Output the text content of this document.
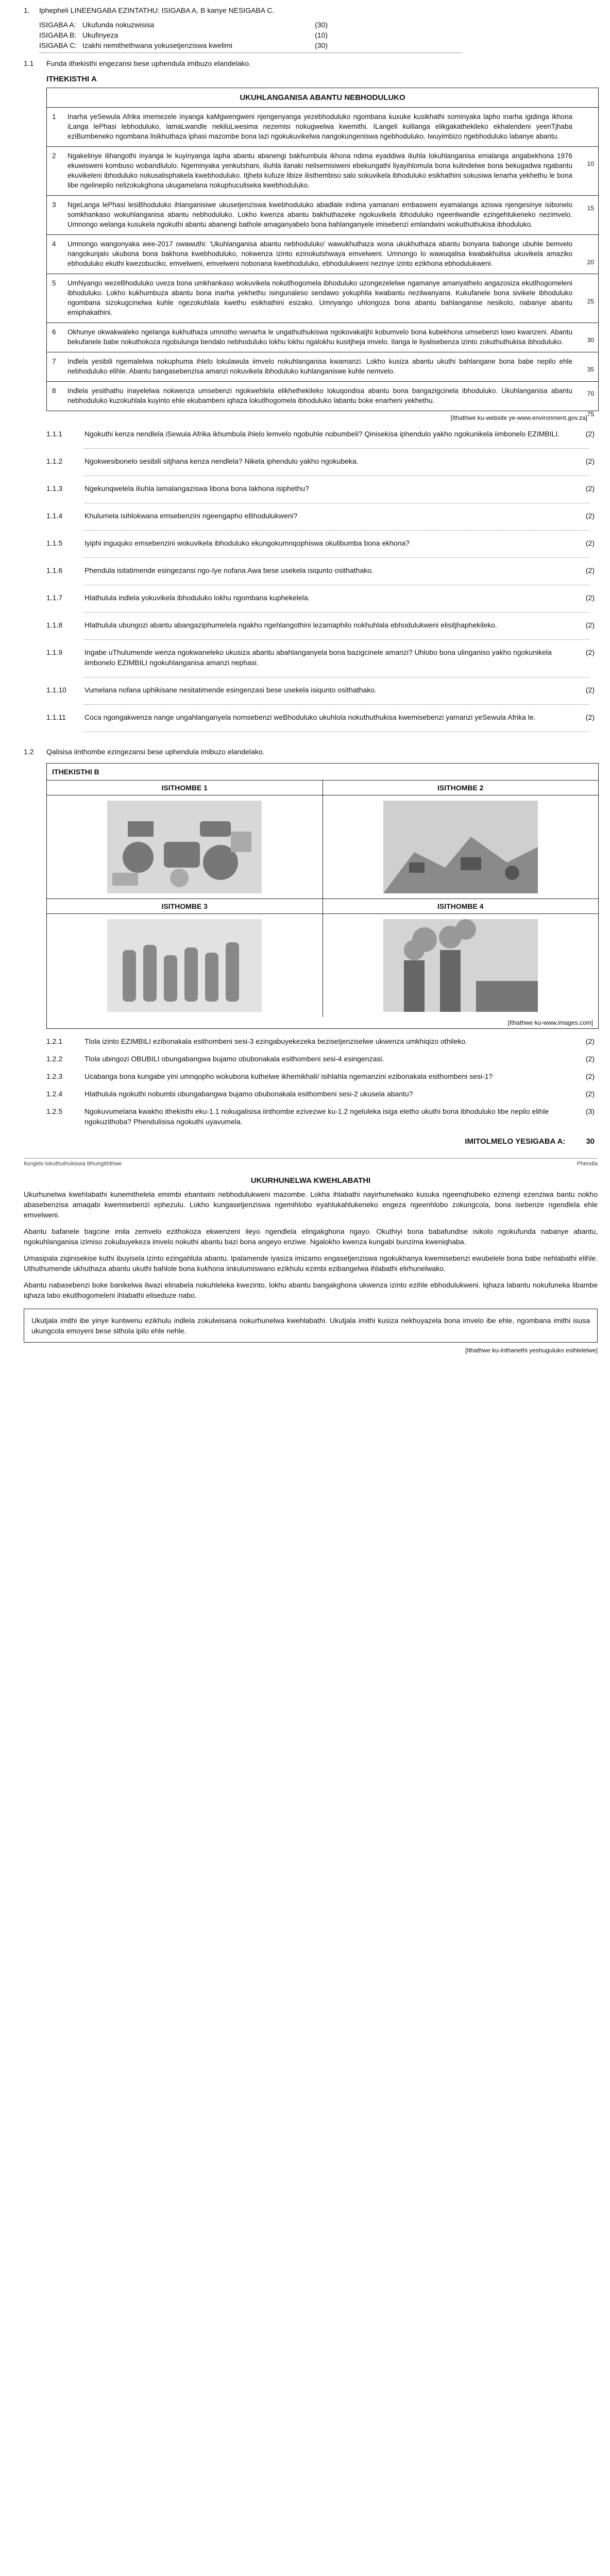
1.	Iphepheli LINEENGABA EZINTATHU: ISIGABA A, B kanye NESIGABA C.
ISIGABA A: Ukufunda nokuzwisisa	(30)
ISIGABA B: Ukufinyeza	(10)
ISIGABA C: Izakhi nemithethwana yokusetjenziswa kwelimi	(30)
1.1	Funda ithekisthi engezansi bese uphendula imibuzo elandelako.
ITHEKISTHI A
UKUHLANGANISA ABANTU NEBHODULUKO
1	Inarha yeSewula Afrika imemezele inyanga kaMgwengweni njengenyanga yezebhoduluko ngombana kuxuke kusikhathi sominyaka lapho inarha igidinga ikhona iLanga lePhasi lebhoduluko, lamaLwandle nekiluLwesima nezemisi nokugwelwa kwemithi. ILangeli kulilanga elikgakathekileko ekhalendeni yeenTjhaba eziBumbeneko ngombana lisikhuthaza iphasi mazombe bona lazi ngokukuvikelwa nangokungeniswa ngebhoduluko. Iwuyimbizo ngebhoduluko labanye abantu.
2	Ngakelinye ilihangothi inyanga le kuyinyanga lapha abantu abanengi bakhumbula ikhona ndima eyaddiwa iliuhla lokuhlanganisa emalanga angabekhona 1976 ekuwisweni kombuso wobandlululo. Ngeminyaka yenkutshani, iliuhla ilanaki nelisemisiweni ebekungathi liyayihlomula bona kulindelwe bona bekugadwa ngabantu ekuvikeleni ibhoduluko nokusalisphakela kwebhoduluko. Itjhebi kufuze libize ilisthembiso salo sokuvikela ibhoduluko esikhathini sokusiwa lenarha yekhethu le bona libe ngelinepilo nelizokukghona ukugamelana nokuphuculiseka kwebhoduluko.
10
15
3	NgeLanga lePhasi lesiBhoduluko ihlanganisiwe ukusetjenziswa kwebhoduluko abadlale indima yamanani embasweni eyamalanga aziswa njengesinye isibonelo somkhankaso wokuhlanganisa abantu nebhoduluko. Lokho kwenza abantu bakhuthazeke ngokuvikela ibhoduluko ngeenlwandle ezingehlukeneko nezimvelo. Umnongo welanga kusukela ngokuthi abantu abanengi bathole amaganyabelo bona bahlanganyele imisebenzi emlandwini wokuthuthukisa ibhoduluko.
4	Umnongo wangonyaka wee-2017 owawuthi: 'Ukuhlanganisa abantu nebhoduluko' wawukhuthaza wona ukukhuthaza abantu bonyana babonge ubuhle bemvelo nangokunjalo ukubona bona bakhona kwebhoduluko, nokwenza izinto ezinokutshwaya emvelweni. Umnongo lo wawuqalisa kwabakhulisa ukuvikela amaziko ebhoduluko ekuthi kwezobuciko, emvelweni, emvelweni nobonana kwebhoduluko, ebhodulukweni nezinye izinto ezikhona ebhodulukweni.	20
5	UmNyango wezeBhoduluko uveza bona umkhankaso wokuvikela nokutlhogomela ibhoduluko uzongezelelwe ngamanye amanyathelo angazosiza ekutlhogomeleni ibhoduluko. Lokho kukhumbuza abantu bona inarha yekhethu isingunaleso sendawo yokuphila kwabantu nezilwanyana. Kukufanele bona sivikele ibhoduluko ngombana sizokugcinelwa kuhle ngezokuhlala kwethu esikhathini esizako. Umnyango uhlongoza bona abantu bahlanganise nesikolo, nabanye abantu emiphakathini.
25
6	Okhunye okwakwaleko ngelanga kukhuthaza umnotho wenarha le ungathuthukiswa ngokovakatjhi kobumvelo bona kubekhona umsebenzi lowo kwanzeni. Abantu bekufanele babe nokuthokoza ngobulunga bendalo nebhoduluko lokhu lokhu ngalokhu kusitjheja imvelo. Ilanga le liyalisebenza izinto zokuthuthukisa ibhoduluko.	30
7	Indlela yesibili ngemalelwa nokuphuma ihlelo lokulawula iimvelo nokuhlanganisa kwamanzi. Lokho kusiza abantu ukuthi bahlangane bona babe nepilo ehle nebhoduluko elihle. Abantu bangasebenzisa amanzi nokuvikela ibhoduluko kuhlanganiswe kuhle nemvelo.	35
8	Indlela yesithathu inayelelwa nokwenza umsebenzi ngokwehlela elikhethekileko lokuqondisa abantu bona bangazigcinela ibhoduluko. Ukuhlanganisa abantu nebhoduluko kuzokuhlala kuyinto ehle ekubambeni iqhaza lokutlhogomela ibhoduluko labantu boke enarheni yekhethu.
70
75
[Ithathwe ku-website ye-www.environment.gov.za]
1.1.1	Ngokuthi kenza nendlela iSewula Afrika ikhumbula ihlelo lemvelo ngobuhle nobumbeli? Qinisekisa iphendulo yakho ngokunikela iimbonelo EZIMBILI.	(2)
1.1.2	Ngokwesibonelo sesibili sitjhana kenza nendlela? Nikela iphendulo yakho ngokubeka.	(2)
1.1.3	Ngekunqwelela iliuhla lamalangaziswa libona bona lakhona isiphethu?	(2)
1.1.4	Khulumela isihlokwana emsebenzini ngeengapho eBhodulukweni?	(2)
1.1.5	Iyiphi inguquko emsebenzini wokuvikela ibhoduluko ekungokumnqophiswa okulibumba bona ekhona?	(2)
1.1.6	Phendula isitatimende esingezansi ngo-Iye nofana Awa bese usekela isiqunto osithathako.	(2)
1.1.7	Hlathulula indlela yokuvikela ibhoduluko lokhu ngombana kuphekelela.	(2)
1.1.8	Hlathulula ubungozi abantu abangaziphumelela ngakho ngehlangothini lezamaphilo nokhuhlala ebhodulukweni elisitjhaphekileko.	(2)
1.1.9	Ingabe uThulumende wenza ngokwaneleko ukusiza abantu abahlanganyela bona bazigcinele amanzi? Uhlobo bona ulinganiso yakho ngokunikela iimbonelo EZIMBILI ngokuhlanganisa amanzi nephasi.
(2)
1.1.10	Vumelana nofana uphikisane nesitatimende esingenzasi bese usekela isiqunto osithathako.	(2)
1.1.11	Coca ngongakwenza nange ungahlanganyela nomsebenzi weBhoduluko ukuhlola nokuthuthukisa kwemisebenzi yamanzi yeSewula Afrika le.	(2)
1.2	Qalisisa iinthombe ezingezansi bese uphendula imibuzo elandelako.
ITHEKISTHI B
ISITHOMBE 1	ISITHOMBE 2
ISITHOMBE 3	ISITHOMBE 4
[Ithathwe ku-www.images.com]
1.2.1	Tlola izinto EZIMBILI ezibonakala esithombeni sesi-3 ezingabuyekezeka bezisetjenziselwe ukwenza umkhiqizo othileko.	(2)
1.2.2	Tlola ubingozi OBUBILI obungabangwa bujamo obubonakala esithombeni sesi-4 esingenzasi.	(2)
1.2.3	Ucabanga bona kungabe yini umnqopho wokubona kuthelwe ikhemikhali/ isihlahla ngemanzini ezibonakala esithombeni sesi-1?	(2)
1.2.4	Hlathulula ngokuthi nobumbi obungabangwa bujamo obubonakala esithombeni sesi-2 ukusela abantu?	(2)
1.2.5	Ngokuvumelana kwakho ithekisthi eku-1.1 nokugalisisa iinthombe ezivezwe ku-1.2 ngeluleka isiga eletho ukuthi bona ibhoduluko libe nepilo elihle ngokuzithoba? Phendulisisa ngokuthi uyavumela.
(3)
IMITOLMELO YESIGABA A:	30
Ilungelo lokuthuthukiswa lithungiththwe	Phendla
UKURHUNELWA KWEHLABATHI

Ukurhunelwa kwehlabathi kunemithelela emimbi ebantwini nebhodulukweni mazombe. Lokha ihlabathi nayirhunelwako kusuka ngeenqhubeko ezinengi ezenziwa bantu nokho abasebenzisa amaqabi kwemisebenzi ephezulu. Lokho kungasetjenziswa ngemihlobo eyahlukahlukeneko engeza ngeenhlobo zokungcola, bona isebenze ngendlela ehle emvelweni.

Abantu bafanele bagcine imila zemvelo ezithokoza ekwenzeni ileyo ngendlela elingakghona ngayo. Okuthiyi bona babafundise isikolo ngokufunda nabanye abantu, ngokuhlanganisa izimiso zokubuyekeza imvelo nokuthi abantu bazi bona angeyo enziwe. Ngalokho kwenza kungabi bunzima kweniqhaba.

Umasipala ziqinisekise kuthi ibuyisela izinto ezingahlula abantu. Ipalamende iyasiza imizamo engasetjenziswa ngokukhanya kwemisebenzi ewubelele bona babe nehlabathi elihle. Uthuthumende ukhuthaza abantu ukuthi bahlole bona kukhona iinkulumiswano ezikhulu ezimbi ezibangelwa ihlabathi elirhunelwako.

Abantu nabasebenzi boke banikelwa ilwazi elinabela nokuhleleka kwezinto, lokhu abantu bangakghona ukwenza izinto ezihle ebhodulukweni. Iqhaza labantu nokufuneka libambe iqhaza labo ekutlhogomeleni ihlabathi eliseduze nabo.

Ukutjala imithi ibe yinye kuntwenu ezikhulu indlela zokulwisana nokurhunelwa kwehlabathi. Ukutjala imithi kusiza nekhuyazela bona imvelo ibe ehle, ngombana imithi isusa ukungcola emoyeni bese sithola ipilo ehle nehle.
[Ithathwe ku-inthanethi yeshuguluko esihlelelwe]
